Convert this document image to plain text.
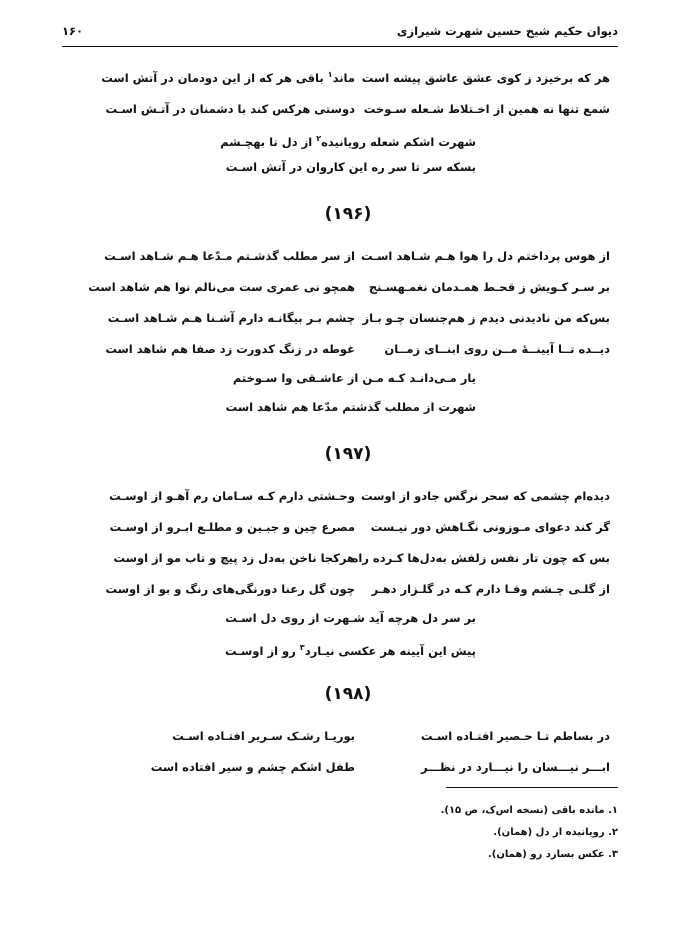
دیوان حکیم شیخ حسین شهرت شیرازی
۱۶۰
هر که برخیزد ز کوی عشق عاشق پیشه است
ماند$^۱$ باقی هر که از این دودمان در آتش است
شمع تنها نه همین از اخـتلاط شـعله سـوخت
دوستی هرکس کند با دشمنان در آتـش اسـت
شهرت اشکم شعله رویانیده$^۲$ از دل تا بهچـشم
بسکه سر تا سر ره این کاروان در آتش اسـت
(۱۹۶)
از هوس پرداختم دل را هوا هـم شـاهد اسـت
از سر مطلب گذشـتم مـدّعا هـم شـاهد اسـت
بر سـر کـویش ز قحـط همـدمان نغمـهسـنج
همچو نی عمری ست می‌نالم نوا هم شاهد است
بس‌که من نادیدنی دیدم ز هم‌جنسان چـو بـاز
چشم بـر بیگانـه دارم آشـنا هـم شـاهد اسـت
دیــده تــا آیینــهٔ مــن روی ابنــای زمــان
غوطه در زنگ کدورت زد صفا هم شاهد است
یار مـی‌دانـد کـه مـن از عاشـقی وا سـوختم
شهرت از مطلب گذشتم مدّعا هم شاهد است
(۱۹۷)
دیده‌ام چشمی که سحر نرگس جادو از اوست
وحـشتی دارم کـه سـامان رم آهـو از اوسـت
گر کند دعوای مـوزونی نگـاهش دور نیـست
مصرع چین و جبـین و مطلـع ابـرو از اوسـت
بس که چون تار نفس زلفش به‌دل‌ها کـرده راه
هرکجا ناخن به‌دل زد پیچ و تاب مو از اوست
از گلـی چـشم وفـا دارم کـه در گلـزار دهـر
چون گل رعنا دورنگی‌های رنگ و بو از اوست
بر سر دل هرچه آید شـهرت از روی دل اسـت
پیش این آیینه هر عکسی نیـارد$^۳$ رو از اوسـت
(۱۹۸)
در بساطم تـا حـصیر افتـاده اسـت
بوریـا رشـک سـریر افتـاده اسـت
ابـــر نیـــسان را نیـــارد در نظـــر
طفل اشکم چشم و سیر افتاده است
۱. مانده باقی (نسخه اس‌ک، ص ۱۵).
۲. رویانیده از دل (همان).
۳. عکس بسازد رو (همان).
